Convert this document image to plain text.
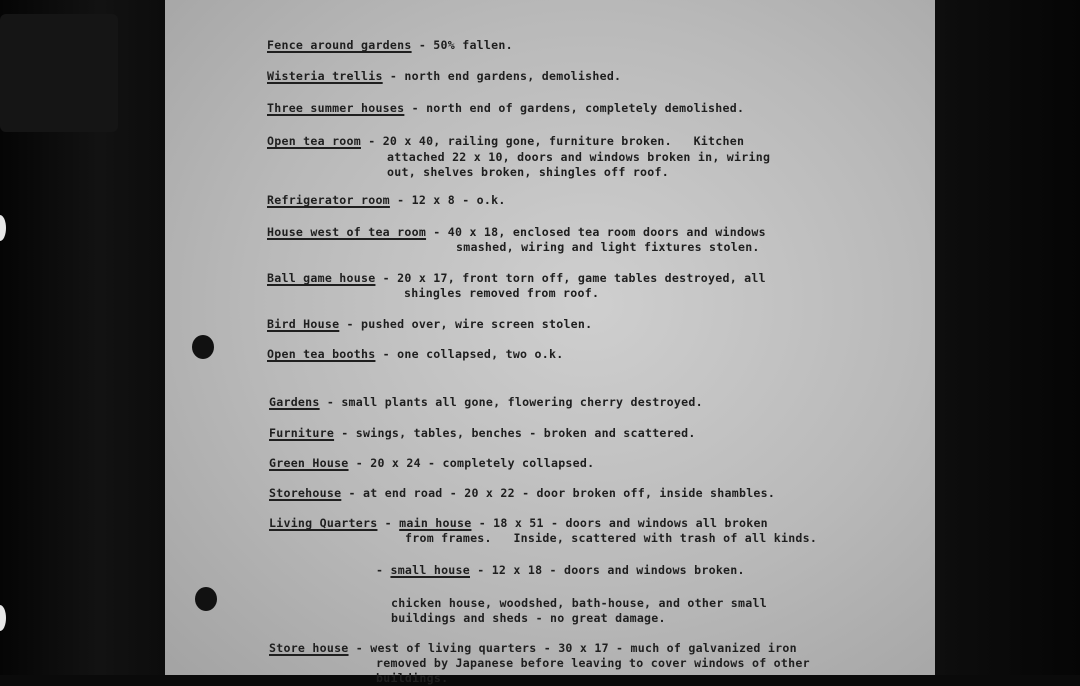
Fence around gardens - 50% fallen.
Wisteria trellis - north end gardens, demolished.
Three summer houses - north end of gardens, completely demolished.
Open tea room - 20 x 40, railing gone, furniture broken.   Kitchen
attached 22 x 10, doors and windows broken in, wiring
out, shelves broken, shingles off roof.
Refrigerator room - 12 x 8 - o.k.
House west of tea room - 40 x 18, enclosed tea room doors and windows
smashed, wiring and light fixtures stolen.
Ball game house - 20 x 17, front torn off, game tables destroyed, all
shingles removed from roof.
Bird House - pushed over, wire screen stolen.
Open tea booths - one collapsed, two o.k.
Gardens - small plants all gone, flowering cherry destroyed.
Furniture - swings, tables, benches - broken and scattered.
Green House - 20 x 24 - completely collapsed.
Storehouse - at end road - 20 x 22 - door broken off, inside shambles.
Living Quarters - main house - 18 x 51 - doors and windows all broken
from frames.   Inside, scattered with trash of all kinds.
- small house - 12 x 18 - doors and windows broken.
chicken house, woodshed, bath-house, and other small
buildings and sheds - no great damage.
Store house - west of living quarters - 30 x 17 - much of galvanized iron
removed by Japanese before leaving to cover windows of other
buildings.
